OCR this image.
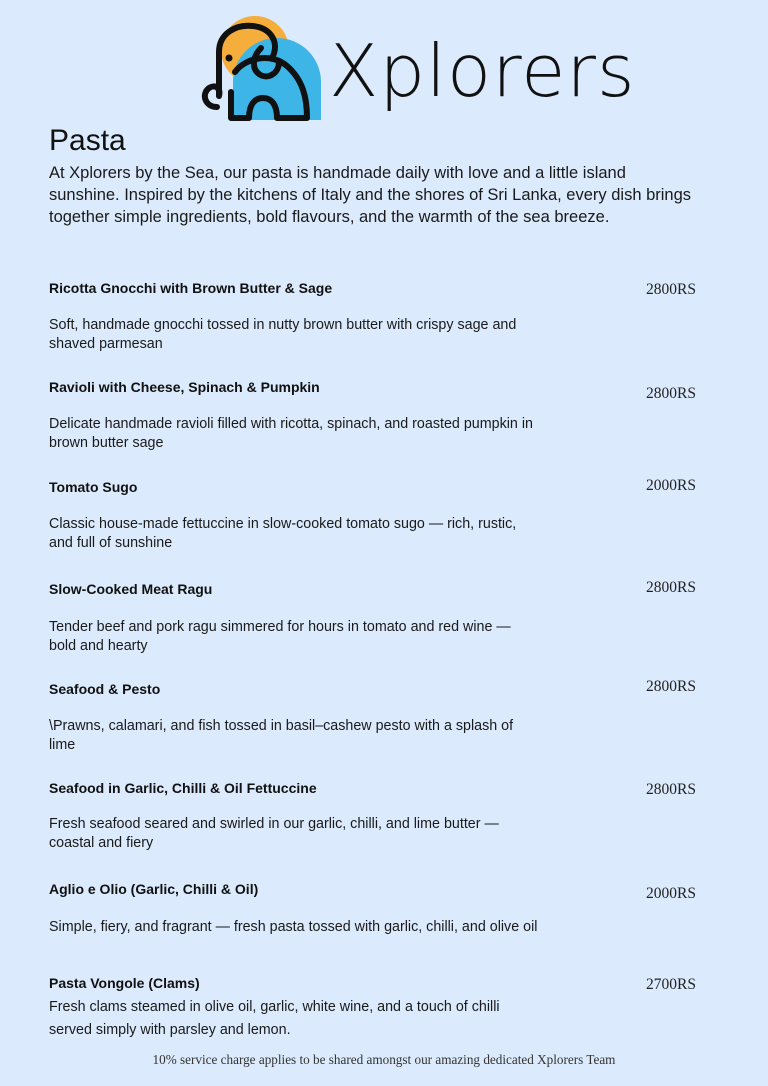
Xplorers
Pasta
At Xplorers by the Sea, our pasta is handmade daily with love and a little island sunshine. Inspired by the kitchens of Italy and the shores of Sri Lanka, every dish brings together simple ingredients, bold flavours, and the warmth of the sea breeze.
Ricotta Gnocchi with Brown Butter & Sage	2800RS
Soft, handmade gnocchi tossed in nutty brown butter with crispy sage and shaved parmesan
Ravioli with Cheese, Spinach & Pumpkin	2800RS
Delicate handmade ravioli filled with ricotta, spinach, and roasted pumpkin in brown butter sage
Tomato Sugo	2000RS
Classic house-made fettuccine in slow-cooked tomato sugo — rich, rustic, and full of sunshine
Slow-Cooked Meat Ragu	2800RS
Tender beef and pork ragu simmered for hours in tomato and red wine — bold and hearty
Seafood & Pesto	2800RS
\Prawns, calamari, and fish tossed in basil–cashew pesto with a splash of lime
Seafood in Garlic, Chilli & Oil Fettuccine	2800RS
Fresh seafood seared and swirled in our garlic, chilli, and lime butter — coastal and fiery
Aglio e Olio (Garlic, Chilli & Oil)	2000RS
Simple, fiery, and fragrant — fresh pasta tossed with garlic, chilli, and olive oil
Pasta Vongole (Clams)	2700RS
Fresh clams steamed in olive oil, garlic, white wine, and a touch of chilli served simply with parsley and lemon.
10% service charge applies to be shared amongst our amazing dedicated Xplorers Team
